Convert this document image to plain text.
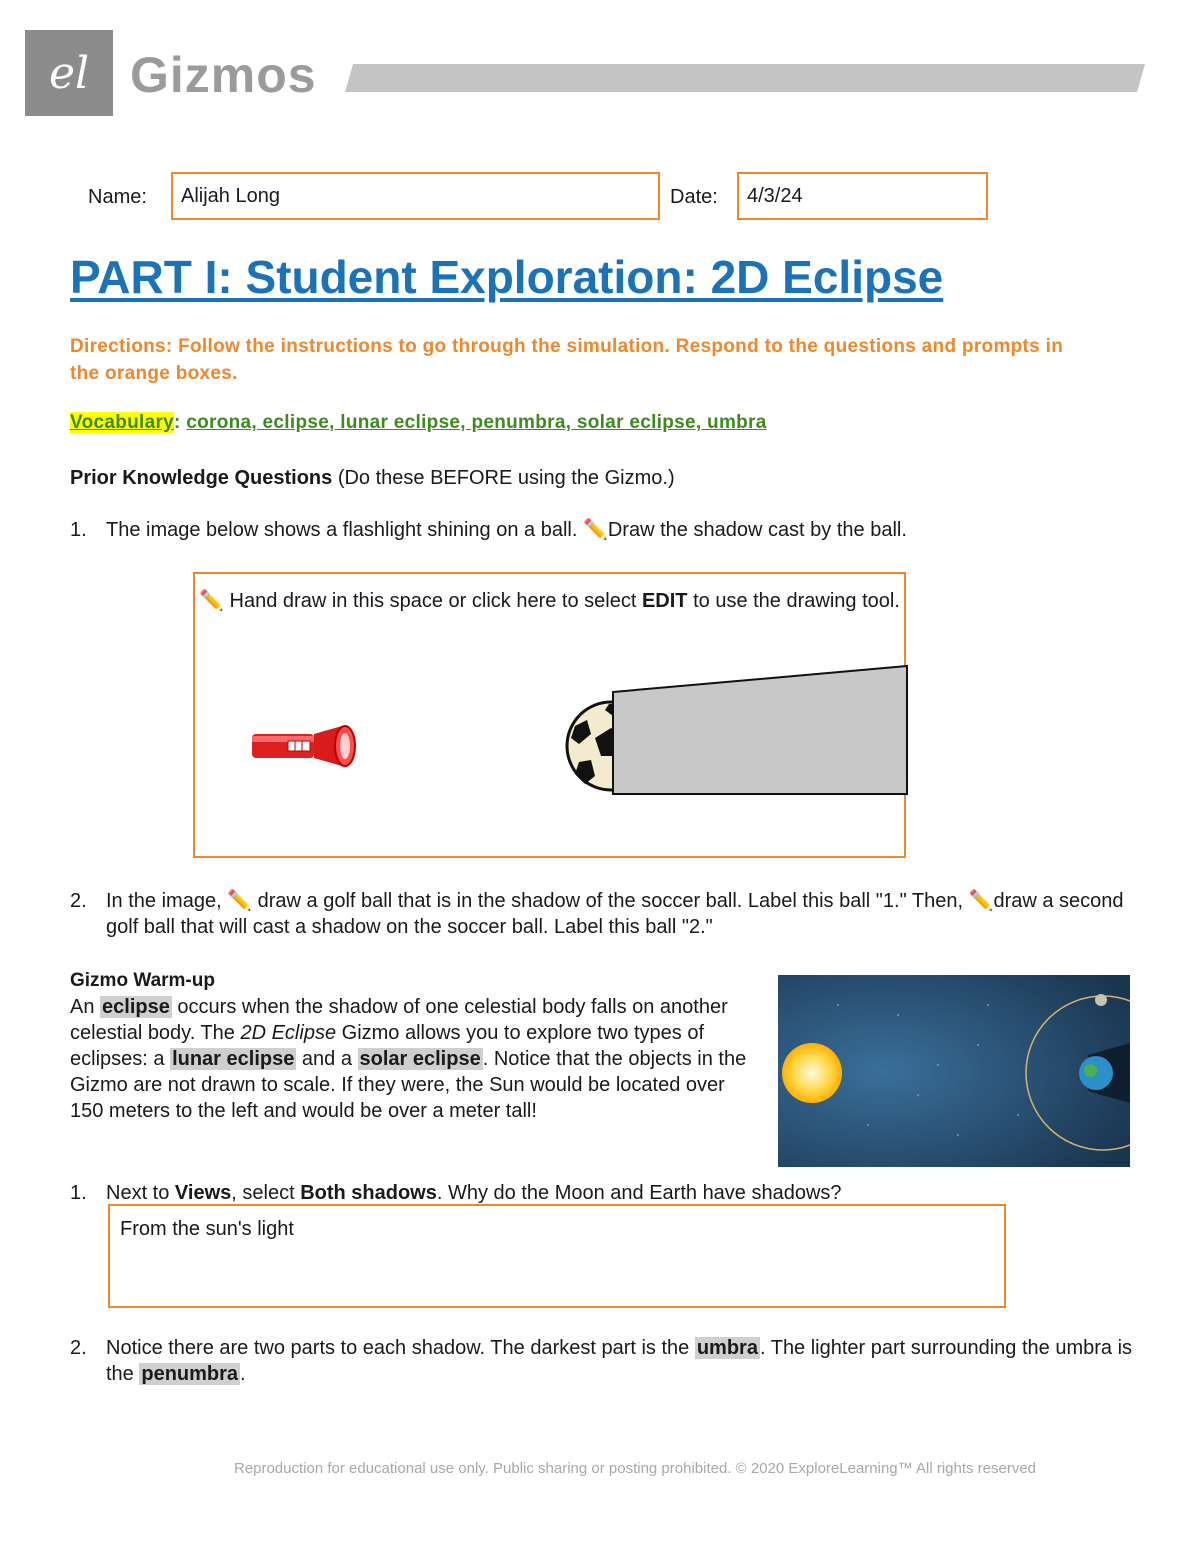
el Gizmos
Name: Alijah Long	Date: 4/3/24
PART I: Student Exploration: 2D Eclipse
Directions: Follow the instructions to go through the simulation. Respond to the questions and prompts in the orange boxes.
Vocabulary: corona, eclipse, lunar eclipse, penumbra, solar eclipse, umbra
Prior Knowledge Questions (Do these BEFORE using the Gizmo.)
1. The image below shows a flashlight shining on a ball. ✏️Draw the shadow cast by the ball.
✏️ Hand draw in this space or click here to select EDIT to use the drawing tool.
2. In the image, ✏️ draw a golf ball that is in the shadow of the soccer ball. Label this ball "1." Then, ✏️draw a second golf ball that will cast a shadow on the soccer ball. Label this ball "2."
Gizmo Warm-up
An eclipse occurs when the shadow of one celestial body falls on another celestial body. The 2D Eclipse Gizmo allows you to explore two types of eclipses: a lunar eclipse and a solar eclipse . Notice that the objects in the Gizmo are not drawn to scale. If they were, the Sun would be located over 150 meters to the left and would be over a meter tall!
1. Next to Views, select Both shadows. Why do the Moon and Earth have shadows?
From the sun's light
2. Notice there are two parts to each shadow. The darkest part is the umbra . The lighter part surrounding the umbra is the penumbra .
Reproduction for educational use only. Public sharing or posting prohibited. © 2020 ExploreLearning™ All rights reserved
